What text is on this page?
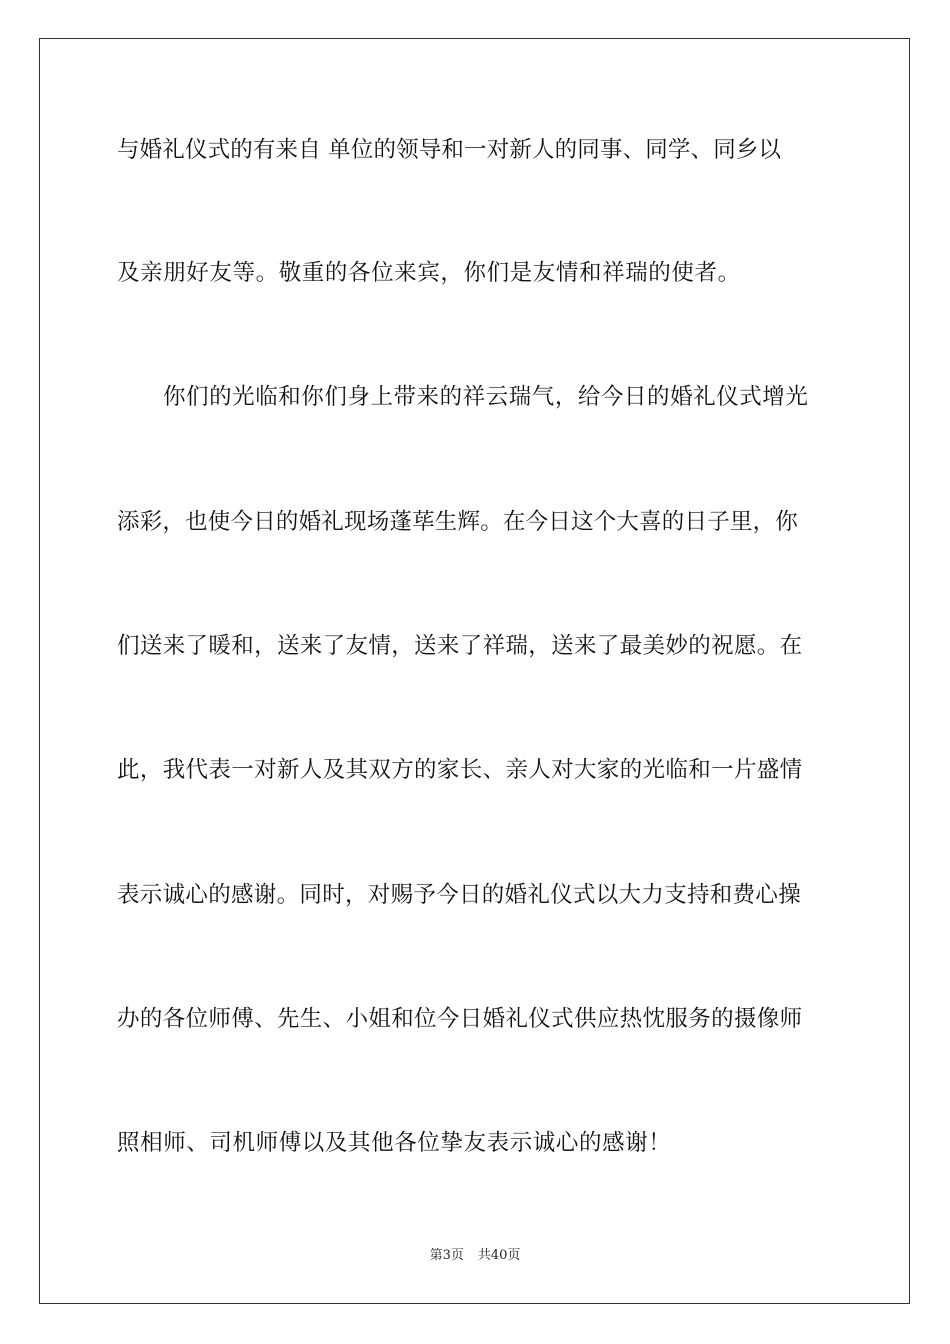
与婚礼仪式的有来自 单位的领导和一对新人的同事、同学、同乡以
及亲朋好友等。敬重的各位来宾，你们是友情和祥瑞的使者。
你们的光临和你们身上带来的祥云瑞气，给今日的婚礼仪式增光
添彩，也使今日的婚礼现场蓬荜生辉。在今日这个大喜的日子里，你
们送来了暖和，送来了友情，送来了祥瑞，送来了最美妙的祝愿。在
此，我代表一对新人及其双方的家长、亲人对大家的光临和一片盛情
表示诚心的感谢。同时，对赐予今日的婚礼仪式以大力支持和费心操
办的各位师傅、先生、小姐和位今日婚礼仪式供应热忱服务的摄像师
照相师、司机师傅以及其他各位挚友表示诚心的感谢！
第3页 共40页
